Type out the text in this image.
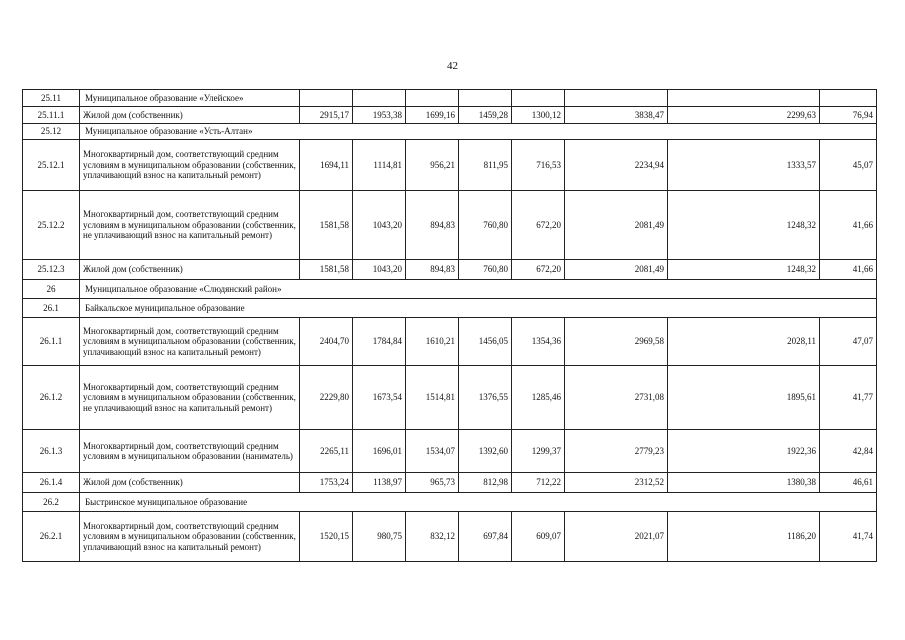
42
25.11	Муниципальное образование «Улейское»								
25.11.1	Жилой дом (собственник)	2915,17	1953,38	1699,16	1459,28	1300,12	3838,47	2299,63	76,94
25.12	Муниципальное образование «Усть-Алтан»								
25.12.1	Многоквартирный дом, соответствующий средним условиям в муниципальном образовании (собственник, уплачивающий взнос на капитальный ремонт)	1694,11	1114,81	956,21	811,95	716,53	2234,94	1333,57	45,07
25.12.2	Многоквартирный дом, соответствующий средним условиям в муниципальном образовании (собственник, не уплачивающий взнос на капитальный ремонт)	1581,58	1043,20	894,83	760,80	672,20	2081,49	1248,32	41,66
25.12.3	Жилой дом (собственник)	1581,58	1043,20	894,83	760,80	672,20	2081,49	1248,32	41,66
26	Муниципальное образование «Слюдянский район»								
26.1	Байкальское муниципальное образование								
26.1.1	Многоквартирный дом, соответствующий средним условиям в муниципальном образовании (собственник, уплачивающий взнос на капитальный ремонт)	2404,70	1784,84	1610,21	1456,05	1354,36	2969,58	2028,11	47,07
26.1.2	Многоквартирный дом, соответствующий средним условиям в муниципальном образовании (собственник, не уплачивающий взнос на капитальный ремонт)	2229,80	1673,54	1514,81	1376,55	1285,46	2731,08	1895,61	41,77
26.1.3	Многоквартирный дом, соответствующий средним условиям в муниципальном образовании (наниматель)	2265,11	1696,01	1534,07	1392,60	1299,37	2779,23	1922,36	42,84
26.1.4	Жилой дом (собственник)	1753,24	1138,97	965,73	812,98	712,22	2312,52	1380,38	46,61
26.2	Быстринское муниципальное образование								
26.2.1	Многоквартирный дом, соответствующий средним условиям в муниципальном образовании (собственник, уплачивающий взнос на капитальный ремонт)	1520,15	980,75	832,12	697,84	609,07	2021,07	1186,20	41,74
